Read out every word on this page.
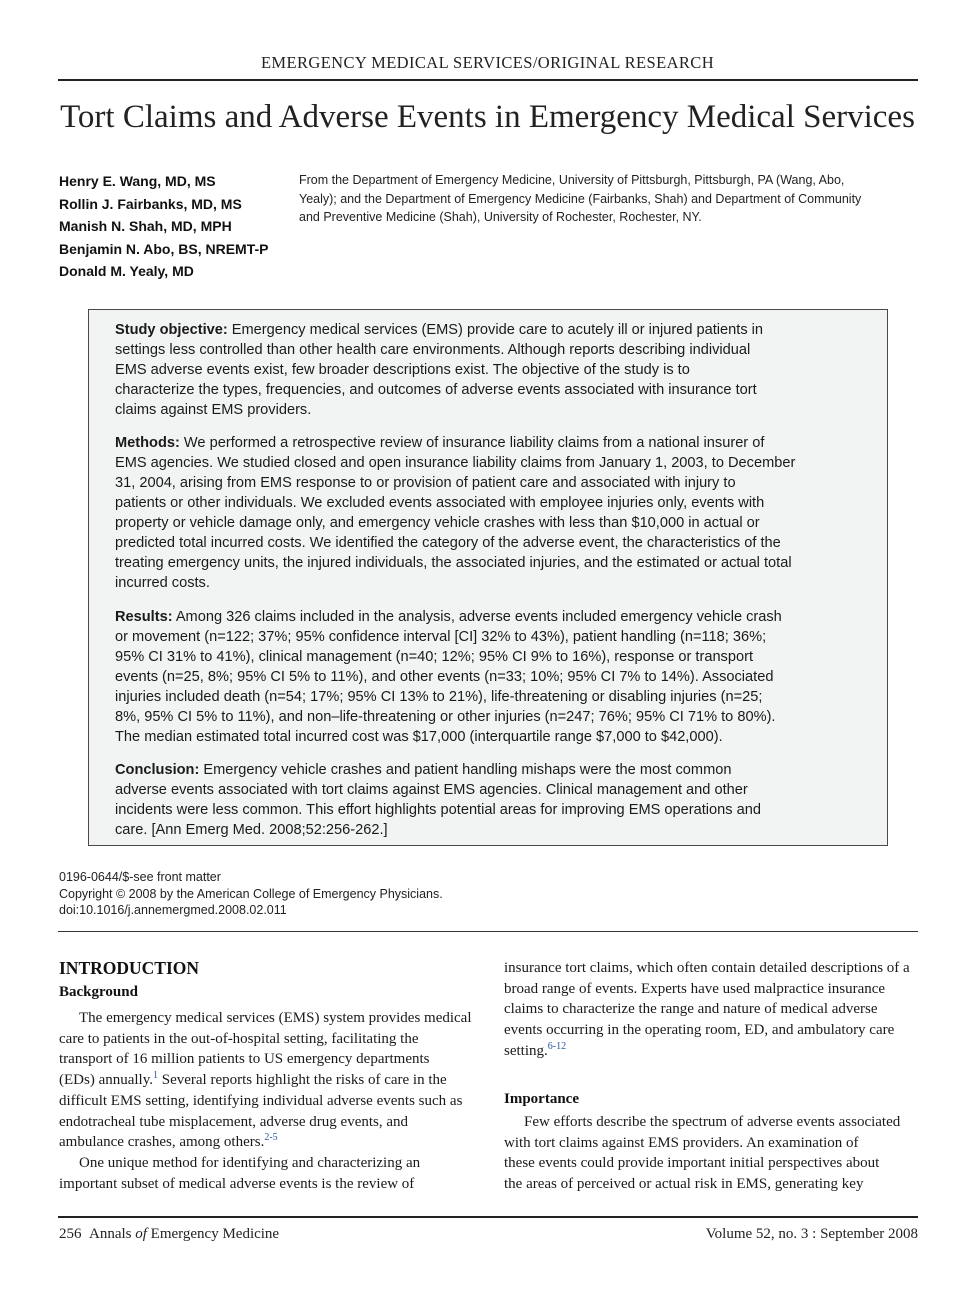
EMERGENCY MEDICAL SERVICES/ORIGINAL RESEARCH
Tort Claims and Adverse Events in Emergency Medical Services
Henry E. Wang, MD, MS
Rollin J. Fairbanks, MD, MS
Manish N. Shah, MD, MPH
Benjamin N. Abo, BS, NREMT-P
Donald M. Yealy, MD
From the Department of Emergency Medicine, University of Pittsburgh, Pittsburgh, PA (Wang, Abo,
Yealy); and the Department of Emergency Medicine (Fairbanks, Shah) and Department of Community
and Preventive Medicine (Shah), University of Rochester, Rochester, NY.
Study objective: Emergency medical services (EMS) provide care to acutely ill or injured patients in
settings less controlled than other health care environments. Although reports describing individual
EMS adverse events exist, few broader descriptions exist. The objective of the study is to
characterize the types, frequencies, and outcomes of adverse events associated with insurance tort
claims against EMS providers.
Methods: We performed a retrospective review of insurance liability claims from a national insurer of
EMS agencies. We studied closed and open insurance liability claims from January 1, 2003, to December
31, 2004, arising from EMS response to or provision of patient care and associated with injury to
patients or other individuals. We excluded events associated with employee injuries only, events with
property or vehicle damage only, and emergency vehicle crashes with less than $10,000 in actual or
predicted total incurred costs. We identified the category of the adverse event, the characteristics of the
treating emergency units, the injured individuals, the associated injuries, and the estimated or actual total
incurred costs.
Results: Among 326 claims included in the analysis, adverse events included emergency vehicle crash
or movement (n=122; 37%; 95% confidence interval [CI] 32% to 43%), patient handling (n=118; 36%;
95% CI 31% to 41%), clinical management (n=40; 12%; 95% CI 9% to 16%), response or transport
events (n=25, 8%; 95% CI 5% to 11%), and other events (n=33; 10%; 95% CI 7% to 14%). Associated
injuries included death (n=54; 17%; 95% CI 13% to 21%), life-threatening or disabling injuries (n=25;
8%, 95% CI 5% to 11%), and non–life-threatening or other injuries (n=247; 76%; 95% CI 71% to 80%).
The median estimated total incurred cost was $17,000 (interquartile range $7,000 to $42,000).
Conclusion: Emergency vehicle crashes and patient handling mishaps were the most common
adverse events associated with tort claims against EMS agencies. Clinical management and other
incidents were less common. This effort highlights potential areas for improving EMS operations and
care. [Ann Emerg Med. 2008;52:256-262.]
0196-0644/$-see front matter
Copyright © 2008 by the American College of Emergency Physicians.
doi:10.1016/j.annemergmed.2008.02.011
INTRODUCTION
Background
The emergency medical services (EMS) system provides medical
care to patients in the out-of-hospital setting, facilitating the
transport of 16 million patients to US emergency departments
(EDs) annually.$^1$ Several reports highlight the risks of care in the
difficult EMS setting, identifying individual adverse events such as
endotracheal tube misplacement, adverse drug events, and
ambulance crashes, among others.$^{2-5}$
One unique method for identifying and characterizing an
important subset of medical adverse events is the review of
insurance tort claims, which often contain detailed descriptions of a
broad range of events. Experts have used malpractice insurance
claims to characterize the range and nature of medical adverse
events occurring in the operating room, ED, and ambulatory care
setting.$^{6-12}$
Importance
Few efforts describe the spectrum of adverse events associated
with tort claims against EMS providers. An examination of
these events could provide important initial perspectives about
the areas of perceived or actual risk in EMS, generating key
256 Annals of Emergency Medicine	Volume 52, no. 3 : September 2008
